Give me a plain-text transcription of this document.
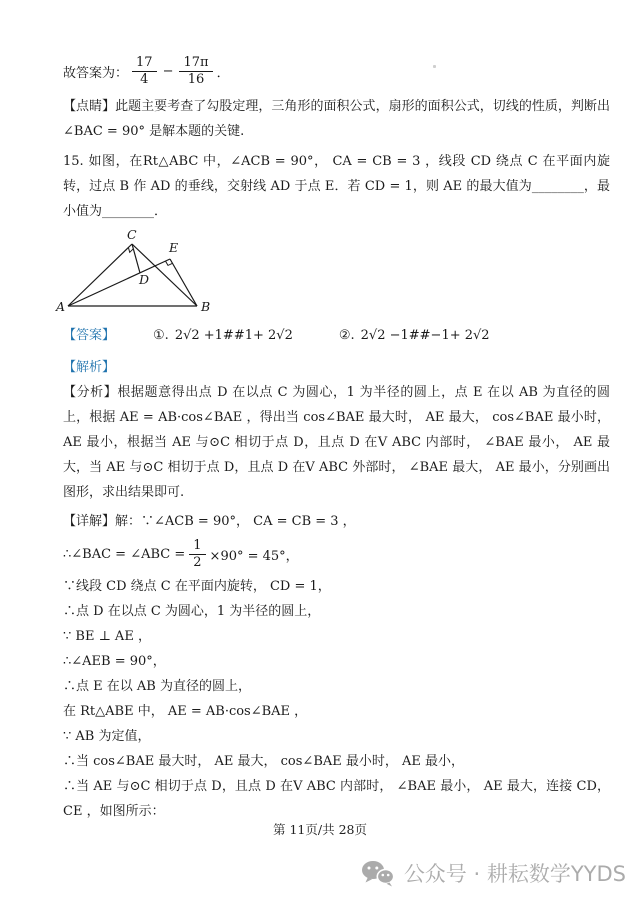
故答案为： $\frac{17}{4} - \frac{17\pi}{16}$ ．

【点睛】此题主要考查了勾股定理，三角形的面积公式，扇形的面积公式，切线的性质，判断出∠BAC = 90° 是解本题的关键.

15. 如图，在Rt△ABC 中，∠ACB = 90°， CA = CB = 3 ，线段 CD 绕点 C 在平面内旋转，过点 B 作 AD 的垂线，交射线 AD 于点 E．若 CD = 1，则 AE 的最大值为________，最小值为________．

A	B
C
D
E
【答案】	①. 2√2 +1##1+ 2√2	②. 2√2 −1##−1+ 2√2
【解析】

【分析】根据题意得出点 D 在以点 C 为圆心，1 为半径的圆上，点 E 在以 AB 为直径的圆上，根据 AE = AB·cos∠BAE ，得出当 cos∠BAE 最大时， AE 最大， cos∠BAE 最小时， AE 最小，根据当 AE 与⊙C 相切于点 D，且点 D 在V ABC 内部时， ∠BAE 最小， AE 最大，当 AE 与⊙C 相切于点 D，且点 D 在V ABC 外部时， ∠BAE 最大， AE 最小，分别画出图形，求出结果即可.

【详解】 解：∵∠ACB = 90°， CA = CB = 3 ，
∴∠BAC = ∠ABC = $\frac{1}{2} \times 90^\circ = 45^\circ$，

∵线段 CD 绕点 C 在平面内旋转， CD = 1，

∴点 D 在以点 C 为圆心，1 为半径的圆上，

∵ BE ⊥ AE ，

∴∠AEB = 90°，

∴点 E 在以 AB 为直径的圆上，

在 Rt△ABE 中， AE = AB·cos∠BAE ，

∵ AB 为定值，

∴当 cos∠BAE 最大时， AE 最大， cos∠BAE 最小时， AE 最小，

∴当 AE 与⊙C 相切于点 D，且点 D 在V ABC 内部时， ∠BAE 最小， AE 最大，连接 CD， CE ，如图所示：

第 11页/共 28页
公众号 · 耕耘数学YYDS
